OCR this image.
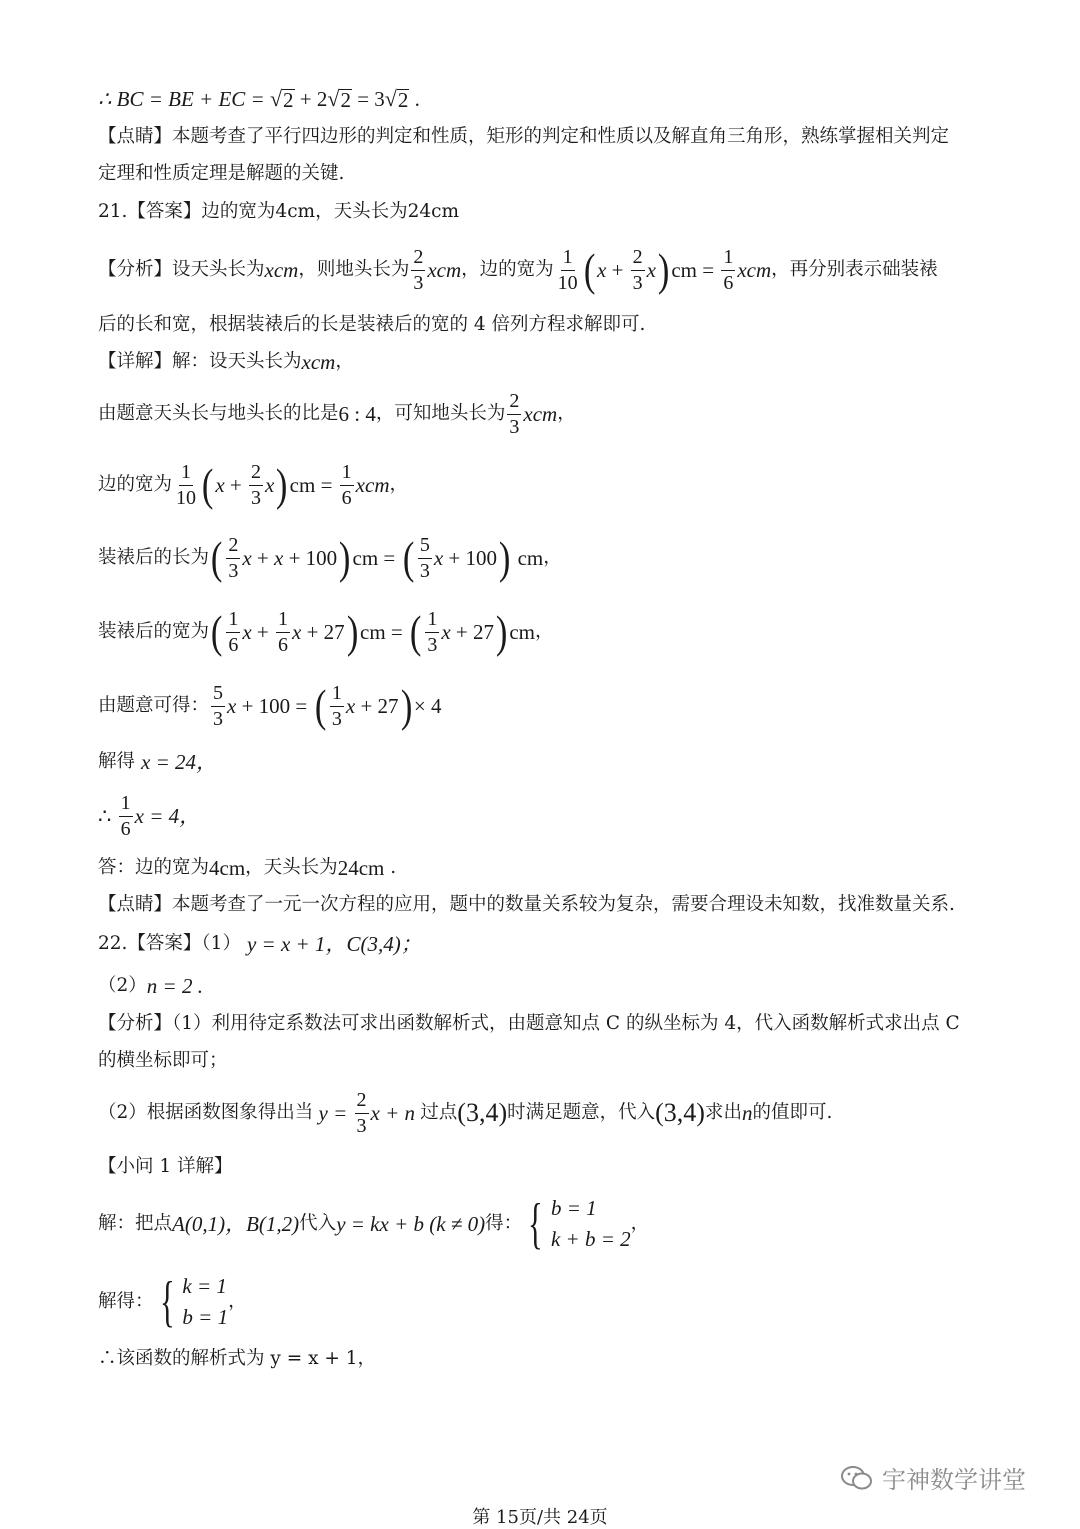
∴ BC = BE + EC =
√ 2 + 2 √ 2 = 3 √ 2 .
【点睛】本题考查了平行四边形的判定和性质，矩形的判定和性质以及解直角三角形，熟练掌握相关判定
定理和性质定理是解题的关键.
21.【答案】边的宽为4cm，天头长为24cm
【分析】设天头长为 xcm ，则地头长为
2
3
xcm ，边的宽为
1
10 ( $x + \frac{2}{3}$ x ) cm = $\frac{1}{6}$ xcm ，再分别表示础装裱
后的长和宽，根据装裱后的长是装裱后的宽的 4 倍列方程求解即可.
【详解】解：设天头长为 xcm ，
由题意天头长与地头长的比是 6 : 4 ，可知地头长为
2
3
xcm ，
边的宽为
1
10 ( $x + \frac{2}{3}$ x ) cm = $\frac{1}{6}$ xcm ，
装裱后的长为 ( 2
3
x + x + 100 ) cm = ( 5
3
x + 100 ) cm ，
装裱后的宽为 ( 1
6
$x + \frac{1}{6}$ x + 27 ) cm = ( 1
3
x + 27 ) cm ，
由题意可得：
5
3
x + 100 = ( 1
3
x + 27 ) × 4
解得 x = 24，
∴
1
6
x = 4，
答：边的宽为 4cm ，天头长为 24cm .
【点睛】本题考查了一元一次方程的应用，题中的数量关系较为复杂，需要合理设未知数，找准数量关系.
22.【答案】（1） y = x + 1， C(3,4)；
（2） n = 2 .
【分析】（1）利用待定系数法可求出函数解析式，由题意知点 C 的纵坐标为 4，代入函数解析式求出点 C
的横坐标即可；
（2）根据函数图象得出当 $y = \frac{2}{3}$ x + n 过点 (3,4) 时满足题意，代入 (3,4) 求出 n 的值即可.
【小问 1 详解】
解：把点 A(0,1)， B(1,2) 代入 y = kx + b (k ≠ 0) 得： { b = 1
k + b = 2
，
解得： { k = 1
b = 1
，
∴该函数的解析式为 y = x + 1，
宇神数学讲堂
第 15页/共 24页
